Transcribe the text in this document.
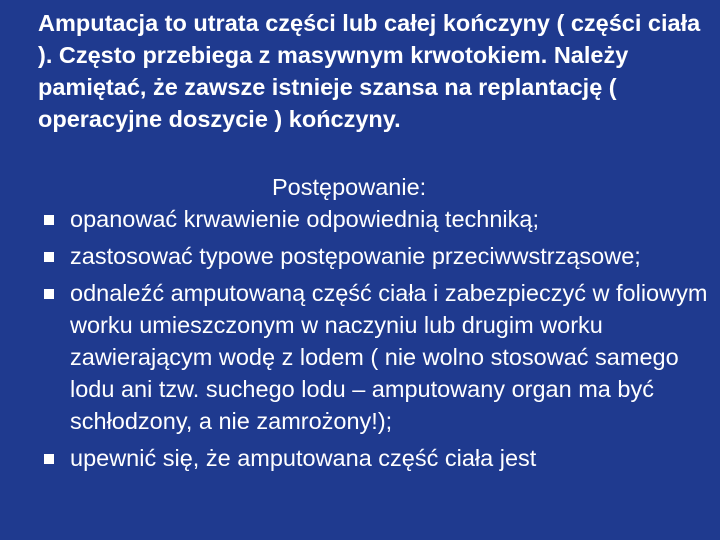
Amputacja to utrata części lub całej kończyny ( części ciała ). Często przebiega z masywnym krwotokiem. Należy pamiętać, że zawsze istnieje szansa na replantację ( operacyjne doszycie ) kończyny.

Postępowanie:

opanować krwawienie odpowiednią techniką;
zastosować typowe postępowanie przeciwwstrząsowe;
odnaleźć amputowaną część ciała i zabezpieczyć w foliowym worku umieszczonym w naczyniu lub drugim worku zawierającym wodę z lodem ( nie wolno stosować samego lodu ani tzw. suchego lodu – amputowany organ ma być schłodzony, a nie zamrożony!);
upewnić się, że amputowana część ciała jest
